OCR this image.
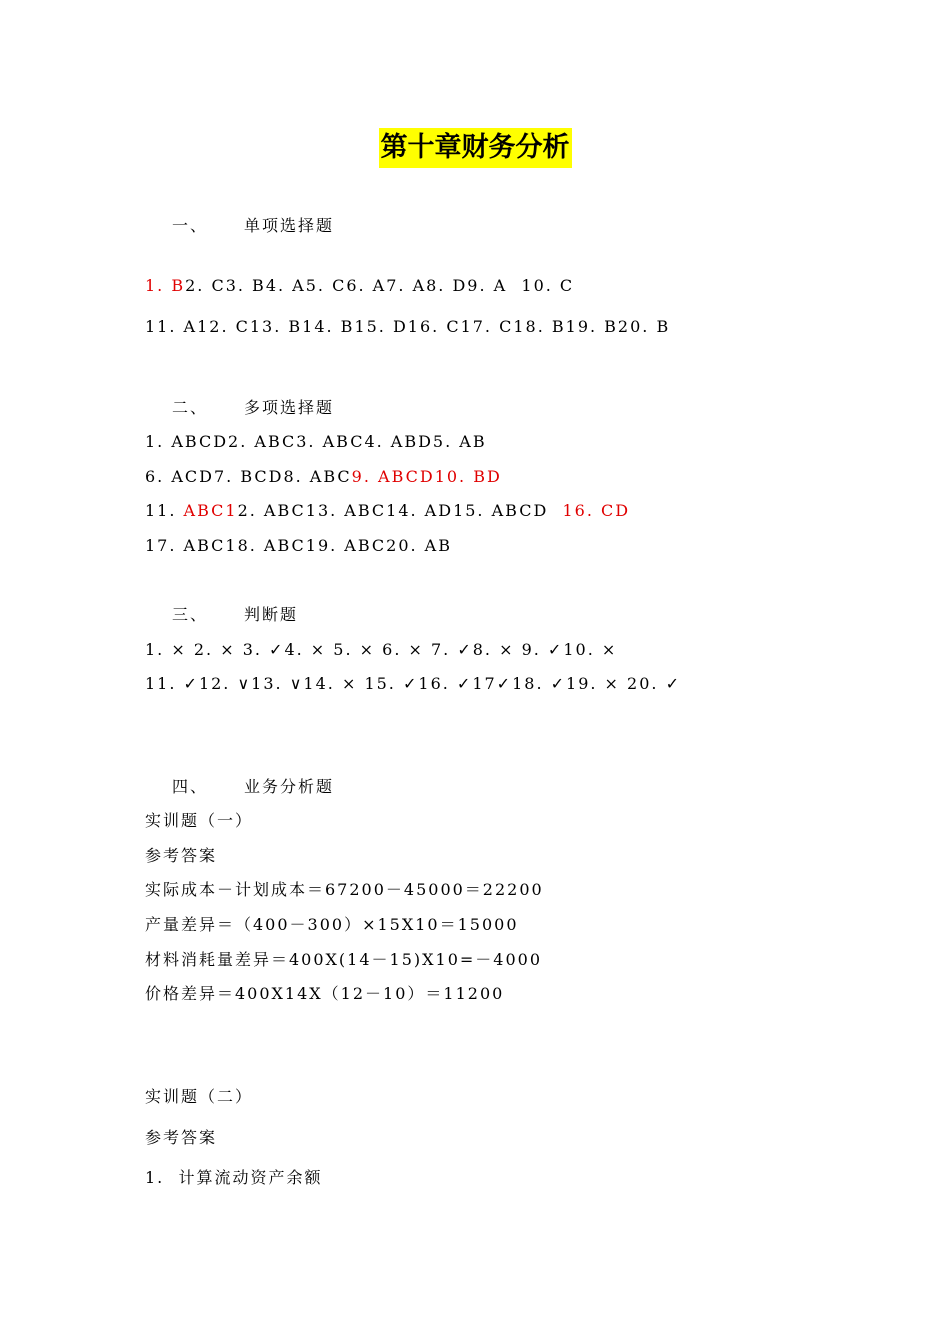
第十章财务分析
一、 单项选择题
1. B2. C3. B4. A5. C6. A7. A8. D9. A  10. C
11. A12. C13. B14. B15. D16. C17. C18. B19. B20. B
二、 多项选择题
1. ABCD2. ABC3. ABC4. ABD5. AB
6. ACD7. BCD8. ABC9. ABCD10. BD
11. ABC12. ABC13. ABC14. AD15. ABCD  16. CD
17. ABC18. ABC19. ABC20. AB
三、 判断题
1. × 2. × 3. ✓4. × 5. × 6. × 7. ✓8. × 9. ✓10. ×
11. ✓12. ∨13. ∨14. × 15. ✓16. ✓17✓18. ✓19. × 20. ✓
四、 业务分析题
实训题（一）
参考答案
实际成本－计划成本＝67200－45000＝22200
产量差异＝（400－300）×15X10＝15000
材料消耗量差异＝400X(14－15)X10=－4000
价格差异＝400X14X（12－10）＝11200
实训题（二）
参考答案
1.  计算流动资产余额
